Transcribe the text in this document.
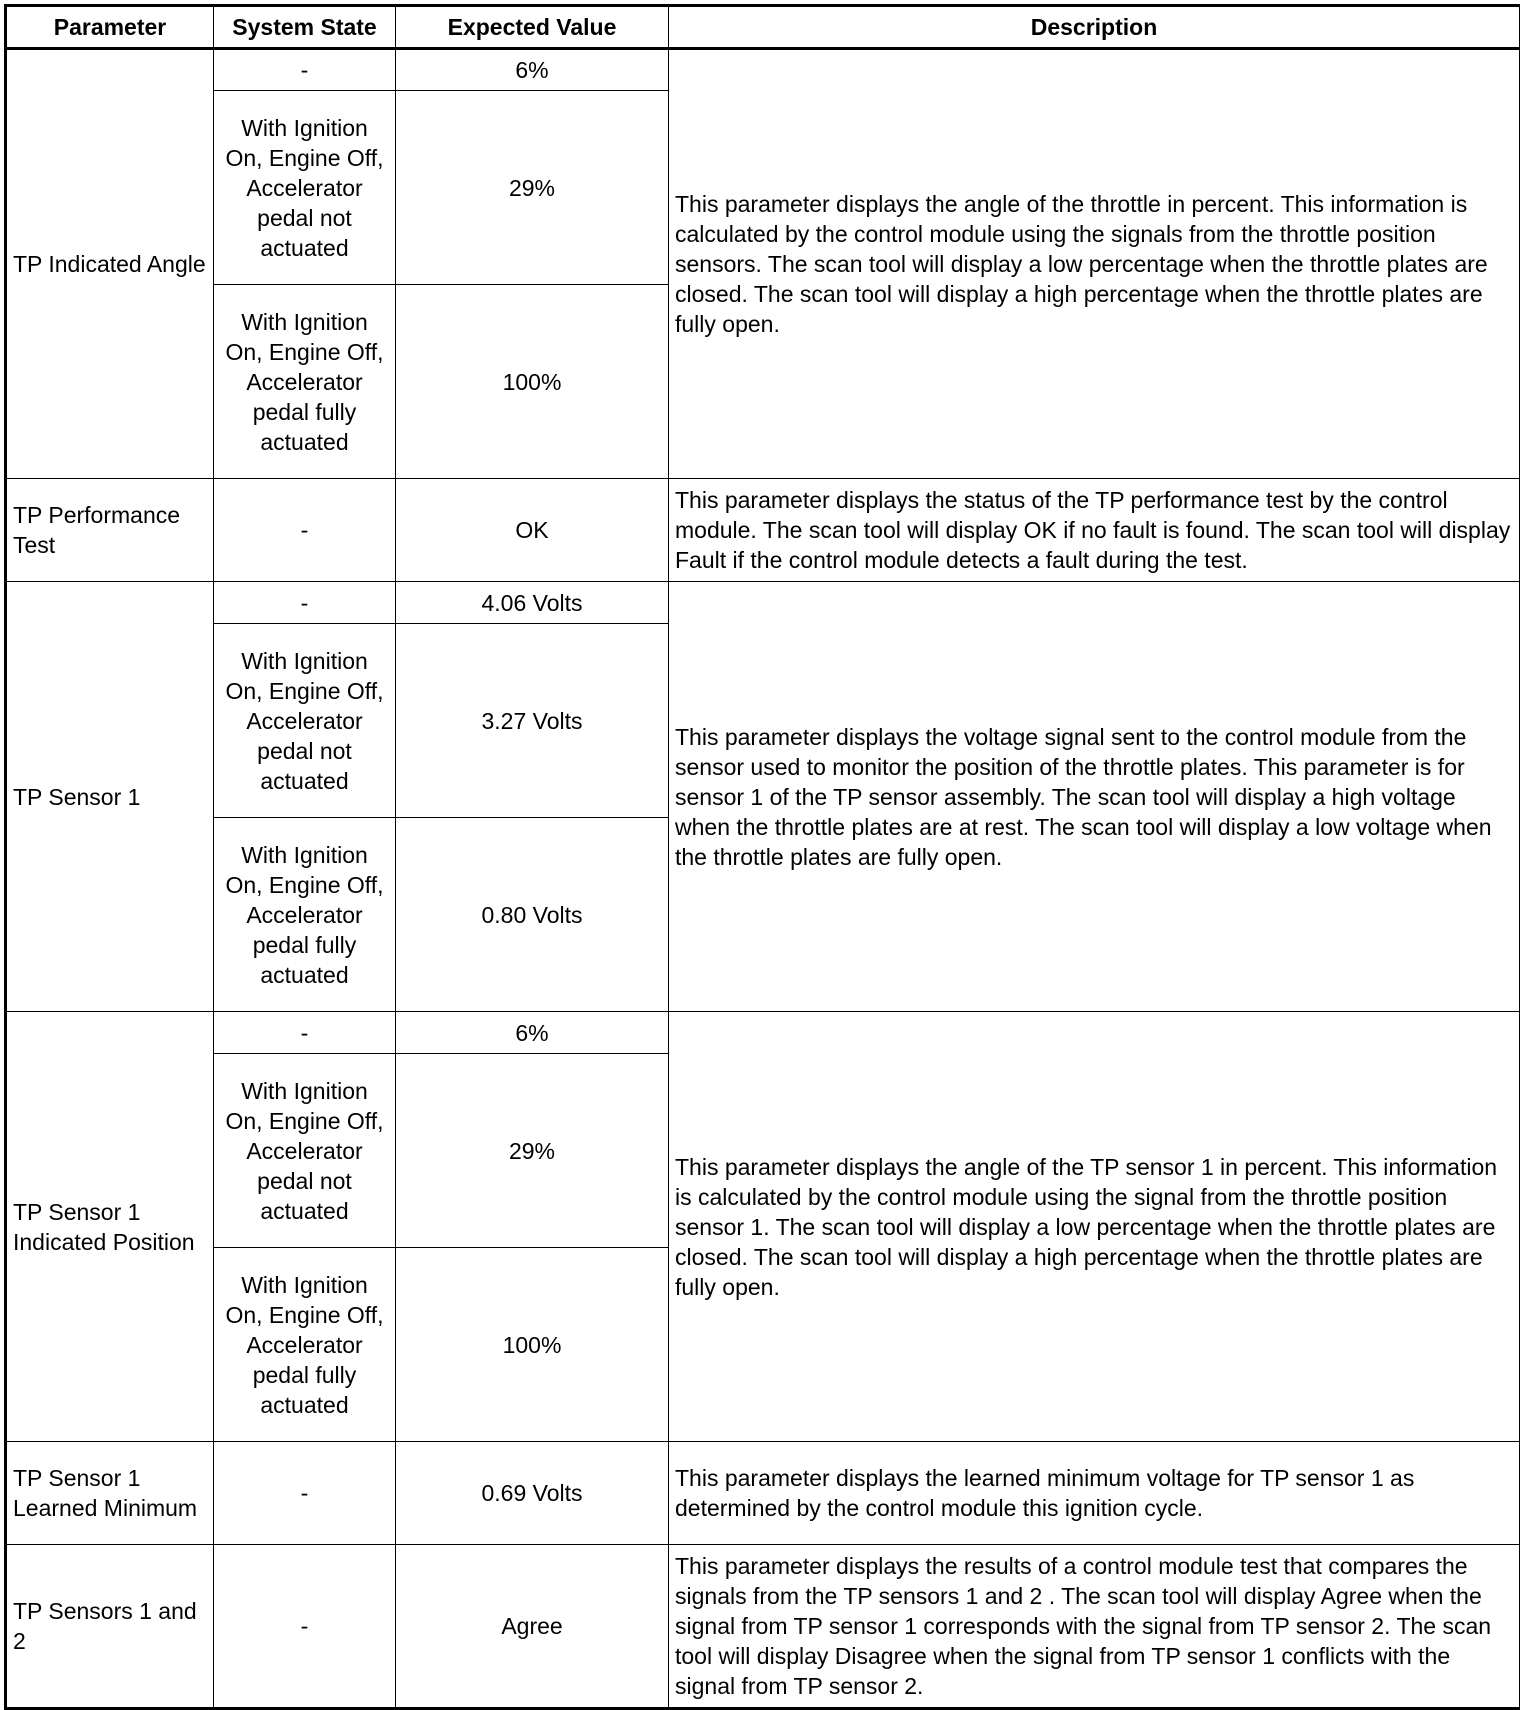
Parameter	System State	Expected Value	Description
TP Indicated Angle	-	6%	This parameter displays the angle of the throttle in percent. This information is calculated by the control module using the signals from the throttle position sensors. The scan tool will display a low percentage when the throttle plates are closed. The scan tool will display a high percentage when the throttle plates are fully open.
	With Ignition On, Engine Off, Accelerator pedal not actuated	29%	
	With Ignition On, Engine Off, Accelerator pedal fully actuated	100%	
TP Performance Test	-	OK	This parameter displays the status of the TP performance test by the control module. The scan tool will display OK if no fault is found. The scan tool will display Fault if the control module detects a fault during the test.
TP Sensor 1	-	4.06 Volts	This parameter displays the voltage signal sent to the control module from the sensor used to monitor the position of the throttle plates. This parameter is for sensor 1 of the TP sensor assembly. The scan tool will display a high voltage when the throttle plates are at rest. The scan tool will display a low voltage when the throttle plates are fully open.
	With Ignition On, Engine Off, Accelerator pedal not actuated	3.27 Volts	
	With Ignition On, Engine Off, Accelerator pedal fully actuated	0.80 Volts	
TP Sensor 1 Indicated Position	-	6%	This parameter displays the angle of the TP sensor 1 in percent. This information is calculated by the control module using the signal from the throttle position sensor 1. The scan tool will display a low percentage when the throttle plates are closed. The scan tool will display a high percentage when the throttle plates are fully open.
	With Ignition On, Engine Off, Accelerator pedal not actuated	29%	
	With Ignition On, Engine Off, Accelerator pedal fully actuated	100%	
TP Sensor 1 Learned Minimum	-	0.69 Volts	This parameter displays the learned minimum voltage for TP sensor 1 as determined by the control module this ignition cycle.
TP Sensors 1 and 2	-	Agree	This parameter displays the results of a control module test that compares the signals from the TP sensors 1 and 2 . The scan tool will display Agree when the signal from TP sensor 1 corresponds with the signal from TP sensor 2. The scan tool will display Disagree when the signal from TP sensor 1 conflicts with the signal from TP sensor 2.
